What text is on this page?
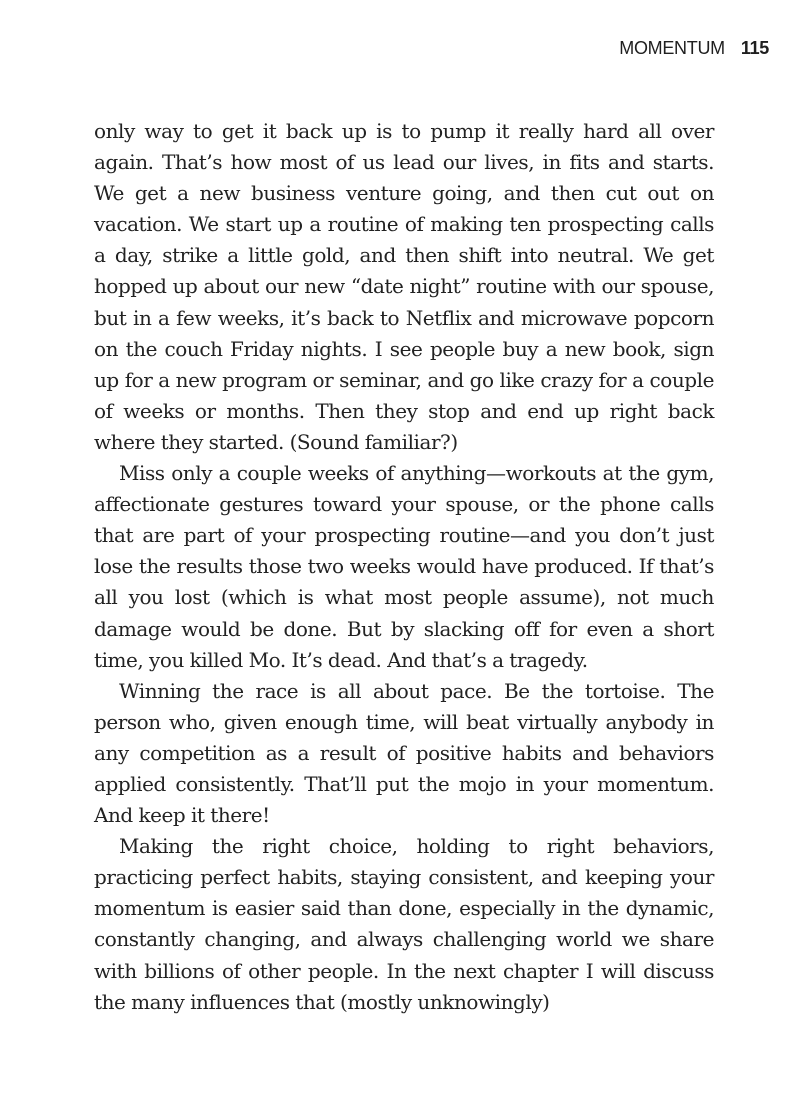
MOMENTUM 115

only way to get it back up is to pump it really hard all over again. That’s how most of us lead our lives, in fits and starts. We get a new business venture going, and then cut out on vacation. We start up a routine of making ten prospecting calls a day, strike a little gold, and then shift into neutral. We get hopped up about our new “date night” routine with our spouse, but in a few weeks, it’s back to Netflix and microwave popcorn on the couch Friday nights. I see people buy a new book, sign up for a new program or seminar, and go like crazy for a couple of weeks or months. Then they stop and end up right back where they started. (Sound familiar?)

Miss only a couple weeks of anything—workouts at the gym, affectionate gestures toward your spouse, or the phone calls that are part of your prospecting routine—and you don’t just lose the results those two weeks would have produced. If that’s all you lost (which is what most people assume), not much damage would be done. But by slacking off for even a short time, you killed Mo. It’s dead. And that’s a tragedy.

Winning the race is all about pace. Be the tortoise. The person who, given enough time, will beat virtually anybody in any competition as a result of positive habits and behaviors applied consistently. That’ll put the mojo in your momentum. And keep it there!

Making the right choice, holding to right behaviors, practicing perfect habits, staying consistent, and keeping your momentum is easier said than done, especially in the dynamic, constantly changing, and always challenging world we share with billions of other people. In the next chapter I will discuss the many influences that (mostly unknowingly)
